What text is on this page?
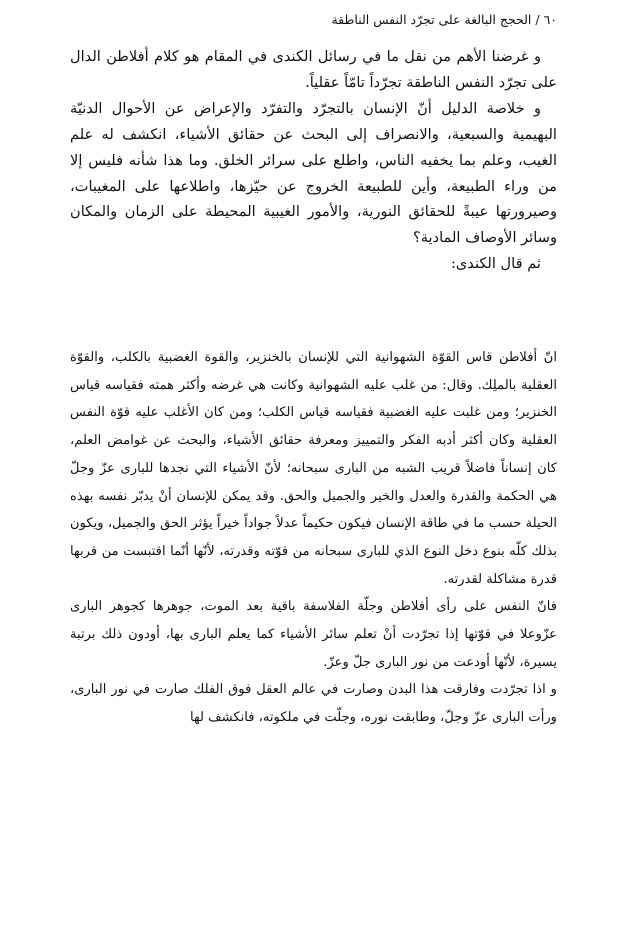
٦٠ / الحجج البالغة على تجرّد النفس الناطقة

و غرضنا الأهم من نقل ما في رسائل الكندى في المقام هو كلام أفلاطن الدال على تجرّد النفس الناطقة تجرّداً تامّاً عقلياً.

و خلاصة الدليل أنّ الإنسان بالتجرّد والتفرّد والإعراض عن الأحوال الدنيّة البهيمية والسبعية، والانصراف إلى البحث عن حقائق الأشياء، انكشف له علم الغيب، وعلم بما يخفيه الناس، واطلع على سرائر الخلق. وما هذا شأنه فليس إلا من وراء الطبيعة، وأين للطبيعة الخروج عن حيّزها، واطلاعها على المغيبات، وصيرورتها عيبةً للحقائق النورية، والأمور الغيبية المحيطة على الزمان والمكان وسائر الأوصاف المادية؟

ثم قال الكندى:

انّ أفلاطن قاس القوّة الشهوانية التي للإنسان بالخنزير، والقوة الغضبية بالكلب، والقوّة العقلية بالملِك. وقال: من غلب عليه الشهوانية وكانت هي غرضه وأكثر همته فقياسه قياس الخنزير؛ ومن غلبت عليه الغضبية فقياسه قياس الكلب؛ ومن كان الأغلب عليه قوّة النفس العقلية وكان أكثر أدبه الفكر والتمييز ومعرفة حقائق الأشياء، والبحث عن غوامض العلم، كان إنساناً فاضلاً قريب الشبه من البارى سبحانه؛ لأنّ الأشياء التي نجدها للبارى عزّ وجلّ هي الحكمة والقدرة والعدل والخير والجميل والحق. وقد يمكن للإنسان أنْ يدبّر نفسه بهذه الحيلة حسب ما في طاقة الإنسان فيكون حكيماً عدلاً جواداً خيراً يؤثر الحق والجميل، ويكون بذلك كلّه بنوع دخل النوع الذي للبارى سبحانه من قوّته وقدرته، لأنّها أنّما اقتبست من قربها قدرة مشاكلة لقدرته.

فانّ النفس على رأى أفلاطن وجلّة الفلاسفة باقية بعد الموت، جوهرها كجوهر البارى عزّوعلا في قوّتها إذا تجرّدت أنْ تعلم سائر الأشياء كما يعلم البارى بها، أودون ذلك برتبة يسيرة، لأنّها أودعت من نور البارى جلّ وعزّ.

و اذا تجرّدت وفارقت هذا البدن وصارت في عالم العقل فوق الفلك صارت في نور البارى، ورأت البارى عزّ وجلّ، وطابقت نوره، وجلّت في ملكوته، فانكشف لها
